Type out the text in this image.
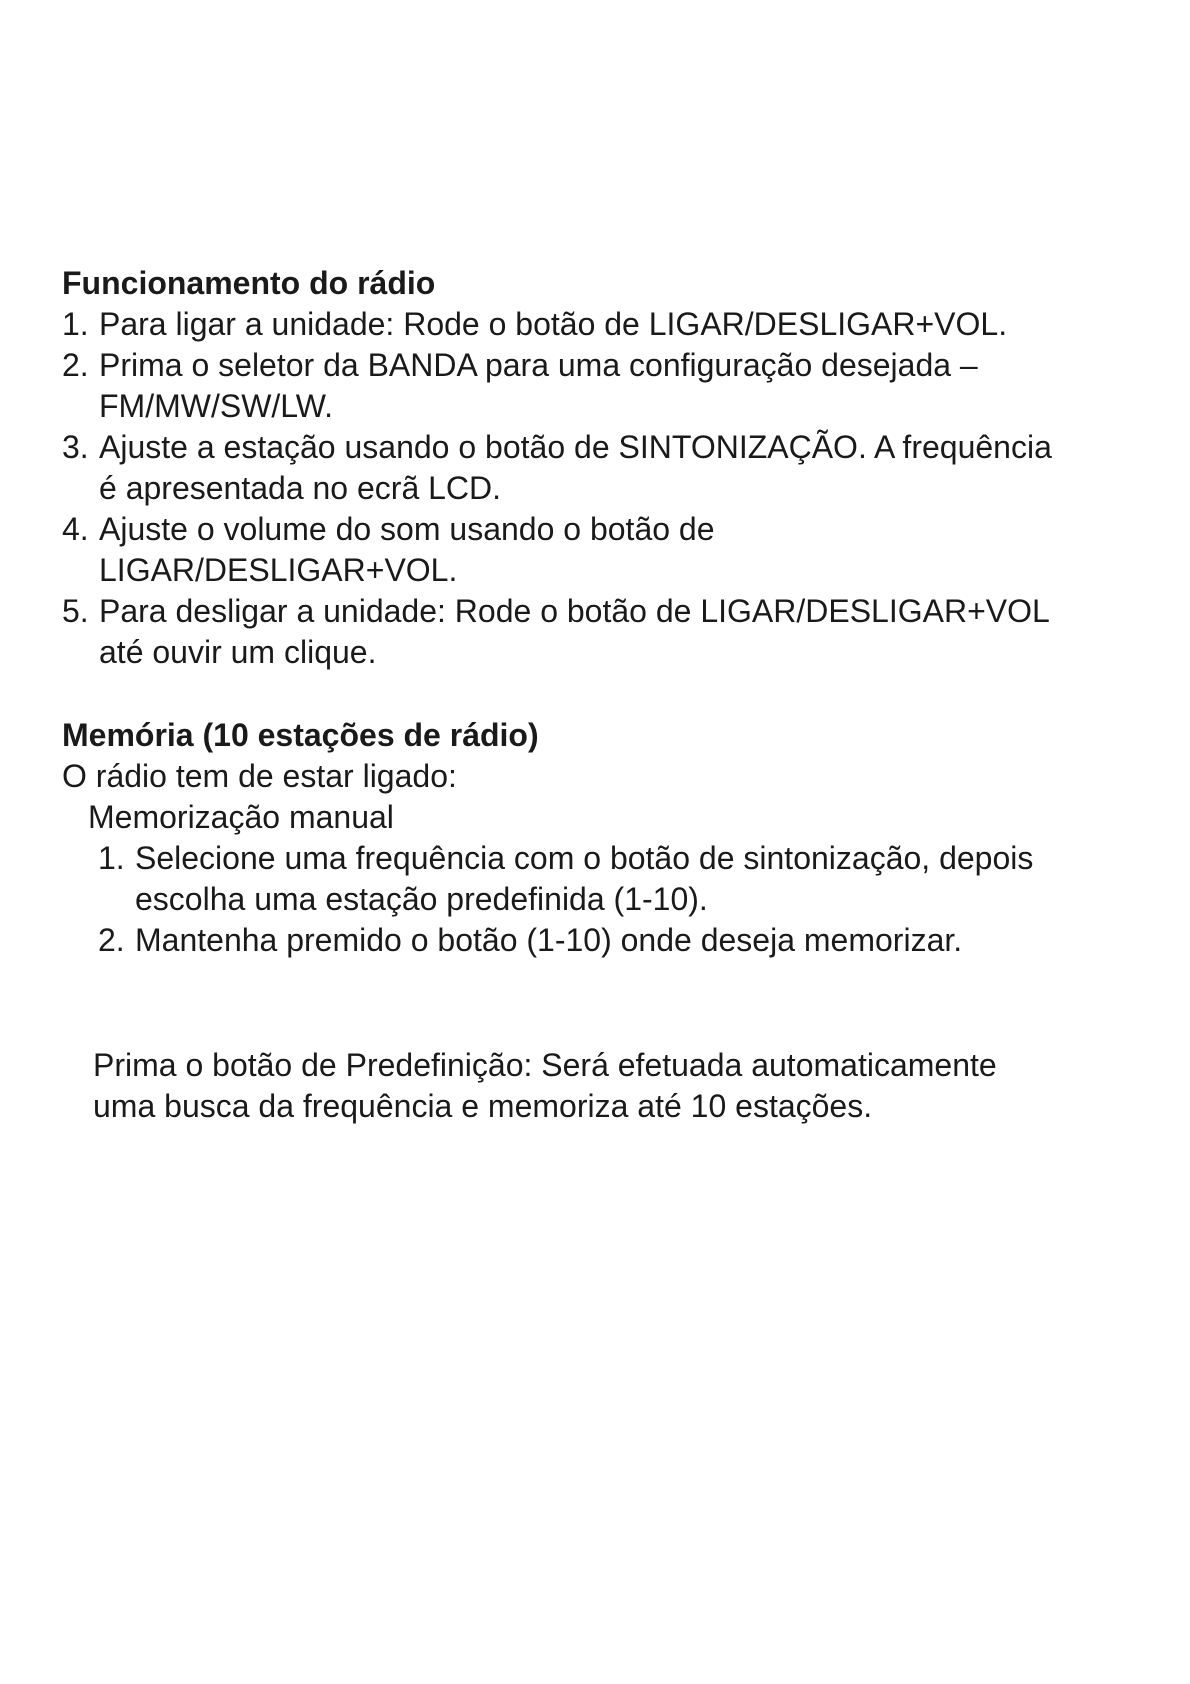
Funcionamento do rádio
1. Para ligar a unidade: Rode o botão de LIGAR/DESLIGAR+VOL.
2. Prima o seletor da BANDA para uma configuração desejada –
FM/MW/SW/LW.
3. Ajuste a estação usando o botão de SINTONIZAÇÃO. A frequência
é apresentada no ecrã LCD.
4. Ajuste o volume do som usando o botão de
LIGAR/DESLIGAR+VOL.
5. Para desligar a unidade: Rode o botão de LIGAR/DESLIGAR+VOL
até ouvir um clique.
Memória (10 estações de rádio)
O rádio tem de estar ligado:
Memorização manual
1. Selecione uma frequência com o botão de sintonização, depois
escolha uma estação predefinida (1-10).
2. Mantenha premido o botão (1-10) onde deseja memorizar.
Prima o botão de Predefinição: Será efetuada automaticamente
uma busca da frequência e memoriza até 10 estações.
